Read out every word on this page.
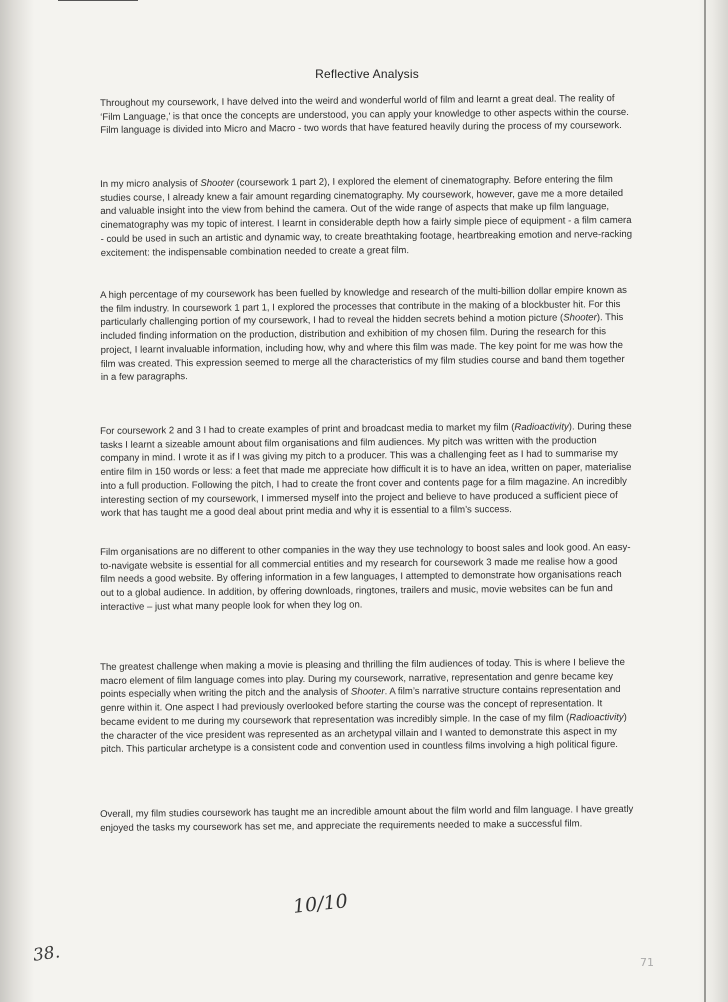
Reflective Analysis

Throughout my coursework, I have delved into the weird and wonderful world of film and learnt a great deal. The reality of ‘Film Language,’ is that once the concepts are understood, you can apply your knowledge to other aspects within the course. Film language is divided into Micro and Macro - two words that have featured heavily during the process of my coursework.

In my micro analysis of Shooter (coursework 1 part 2), I explored the element of cinematography. Before entering the film studies course, I already knew a fair amount regarding cinematography. My coursework, however, gave me a more detailed and valuable insight into the view from behind the camera. Out of the wide range of aspects that make up film language, cinematography was my topic of interest. I learnt in considerable depth how a fairly simple piece of equipment - a film camera - could be used in such an artistic and dynamic way, to create breathtaking footage, heartbreaking emotion and nerve-racking excitement: the indispensable combination needed to create a great film.

A high percentage of my coursework has been fuelled by knowledge and research of the multi-billion dollar empire known as the film industry. In coursework 1 part 1, I explored the processes that contribute in the making of a blockbuster hit. For this particularly challenging portion of my coursework, I had to reveal the hidden secrets behind a motion picture (Shooter). This included finding information on the production, distribution and exhibition of my chosen film. During the research for this project, I learnt invaluable information, including how, why and where this film was made. The key point for me was how the film was created. This expression seemed to merge all the characteristics of my film studies course and band them together in a few paragraphs.

For coursework 2 and 3 I had to create examples of print and broadcast media to market my film (Radioactivity). During these tasks I learnt a sizeable amount about film organisations and film audiences. My pitch was written with the production company in mind. I wrote it as if I was giving my pitch to a producer. This was a challenging feet as I had to summarise my entire film in 150 words or less: a feet that made me appreciate how difficult it is to have an idea, written on paper, materialise into a full production. Following the pitch, I had to create the front cover and contents page for a film magazine. An incredibly interesting section of my coursework, I immersed myself into the project and believe to have produced a sufficient piece of work that has taught me a good deal about print media and why it is essential to a film’s success.

Film organisations are no different to other companies in the way they use technology to boost sales and look good. An easy-to-navigate website is essential for all commercial entities and my research for coursework 3 made me realise how a good film needs a good website. By offering information in a few languages, I attempted to demonstrate how organisations reach out to a global audience. In addition, by offering downloads, ringtones, trailers and music, movie websites can be fun and interactive – just what many people look for when they log on.

The greatest challenge when making a movie is pleasing and thrilling the film audiences of today. This is where I believe the macro element of film language comes into play. During my coursework, narrative, representation and genre became key points especially when writing the pitch and the analysis of Shooter. A film’s narrative structure contains representation and genre within it. One aspect I had previously overlooked before starting the course was the concept of representation. It became evident to me during my coursework that representation was incredibly simple. In the case of my film (Radioactivity) the character of the vice president was represented as an archetypal villain and I wanted to demonstrate this aspect in my pitch. This particular archetype is a consistent code and convention used in countless films involving a high political figure.

Overall, my film studies coursework has taught me an incredible amount about the film world and film language. I have greatly enjoyed the tasks my coursework has set me, and appreciate the requirements needed to make a successful film.

10/10
38.	71
